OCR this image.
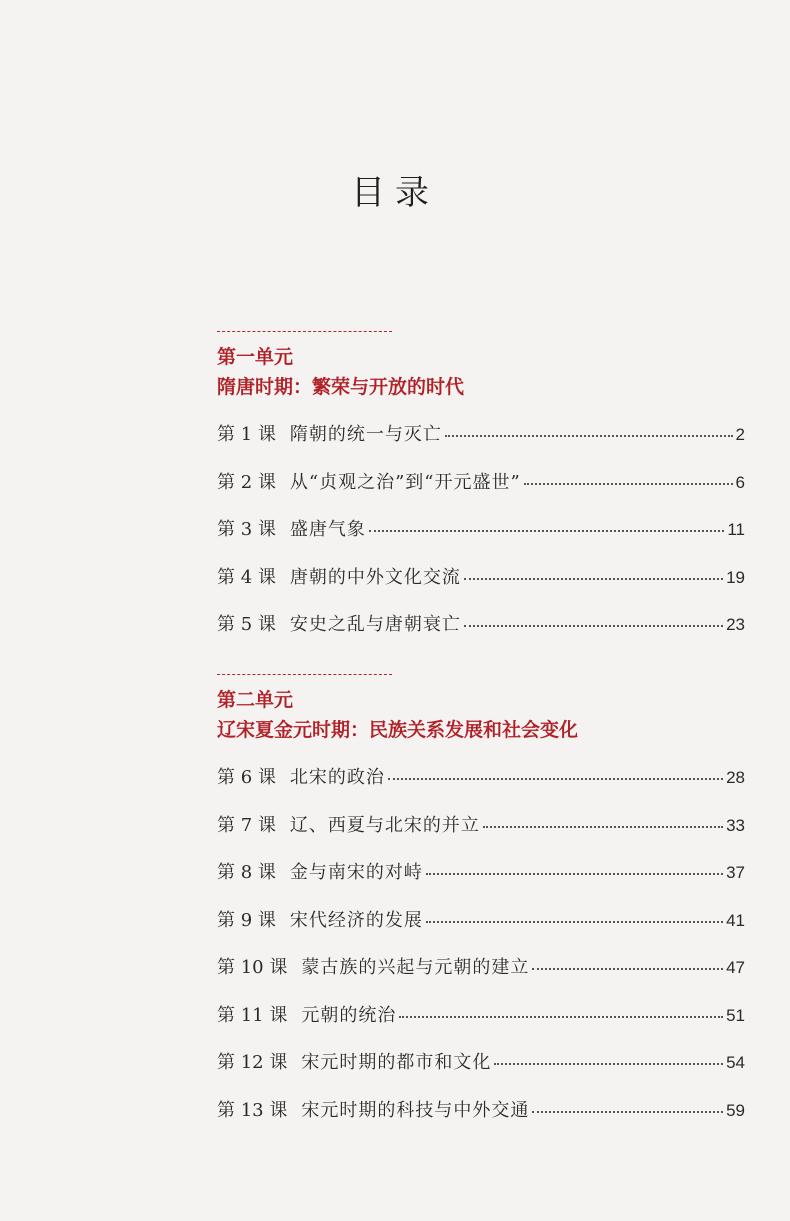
目录
第一单元
隋唐时期：繁荣与开放的时代
第 1 课 隋朝的统一与灭亡	2
第 2 课 从“贞观之治”到“开元盛世”	6
第 3 课 盛唐气象	11
第 4 课 唐朝的中外文化交流	19
第 5 课 安史之乱与唐朝衰亡	23
第二单元
辽宋夏金元时期：民族关系发展和社会变化
第 6 课 北宋的政治	28
第 7 课 辽、西夏与北宋的并立	33
第 8 课 金与南宋的对峙	37
第 9 课 宋代经济的发展	41
第 10 课 蒙古族的兴起与元朝的建立	47
第 11 课 元朝的统治	51
第 12 课 宋元时期的都市和文化	54
第 13 课 宋元时期的科技与中外交通	59
